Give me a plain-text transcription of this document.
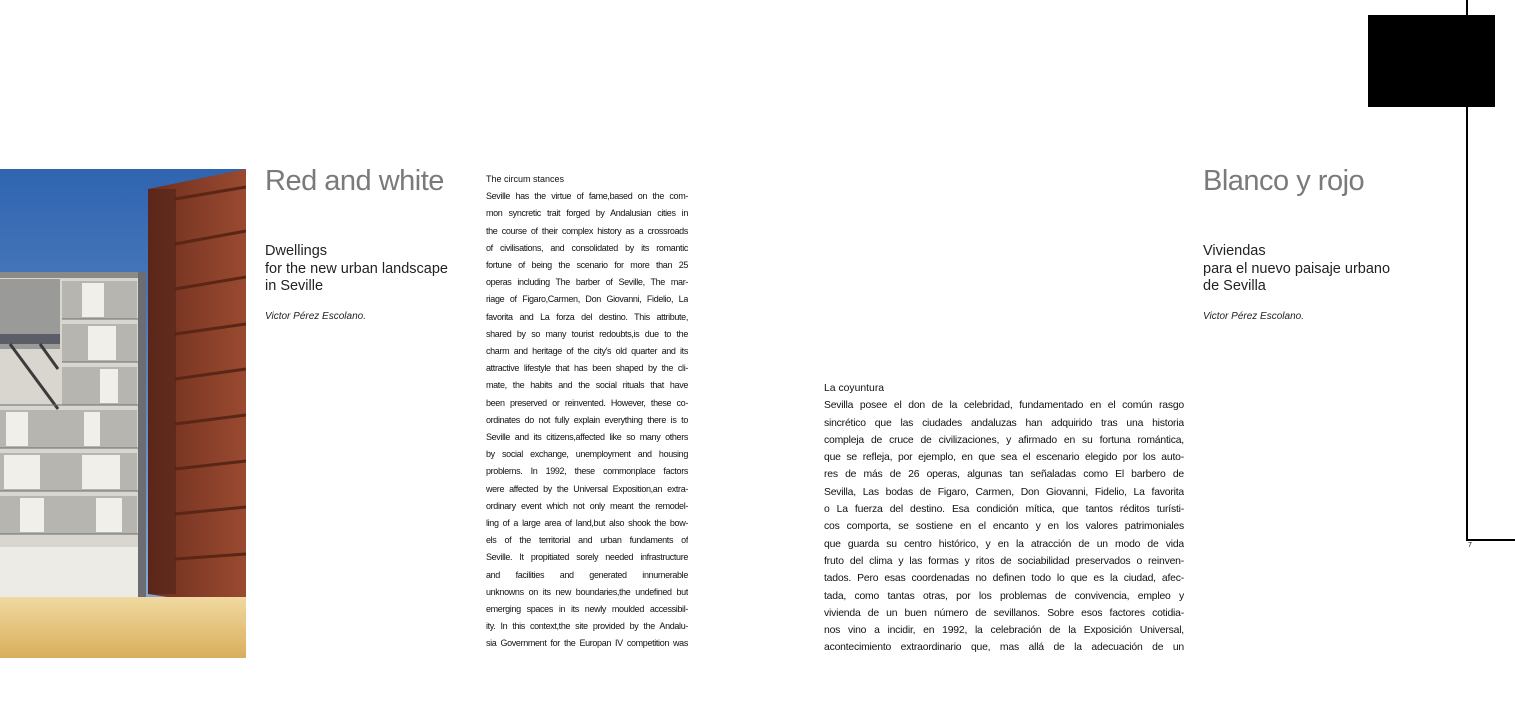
Red and white
Dwellings
for the new urban landscape
in Seville
Victor Pérez Escolano.
The circum stances
Seville has the virtue of fame,based on the com-
mon syncretic trait forged by Andalusian cities in
the course of their complex history as a crossroads
of civilisations, and consolidated by its romantic
fortune of being the scenario for more than 25
operas including The barber of Seville, The mar-
riage of Figaro,Carmen, Don Giovanni, Fidelio, La
favorita and La forza del destino. This attribute,
shared by so many tourist redoubts,is due to the
charm and heritage of the city's old quarter and its
attractive lifestyle that has been shaped by the cli-
mate, the habits and the social rituals that have
been preserved or reinvented. However, these co-
ordinates do not fully explain everything there is to
Seville and its citizens,affected like so many others
by social exchange, unemployment and housing
problems. In 1992, these commonplace factors
were affected by the Universal Exposition,an extra-
ordinary event which not only meant the remodel-
ling of a large area of land,but also shook the bow-
els of the territorial and urban fundaments of
Seville. It propitiated sorely needed infrastructure
and facilities and generated innumerable
unknowns on its new boundaries,the undefined but
emerging spaces in its newly moulded accessibil-
ity. In this context,the site provided by the Andalu-
sia Government for the Europan IV competition was
La coyuntura
Sevilla posee el don de la celebridad, fundamentado en el común rasgo
sincrético que las ciudades andaluzas han adquirido tras una historia
compleja de cruce de civilizaciones, y afirmado en su fortuna romántica,
que se refleja, por ejemplo, en que sea el escenario elegido por los auto-
res de más de 26 operas, algunas tan señaladas como El barbero de
Sevilla, Las bodas de Figaro, Carmen, Don Giovanni, Fidelio, La favorita
o La fuerza del destino. Esa condición mítica, que tantos réditos turísti-
cos comporta, se sostiene en el encanto y en los valores patrimoniales
que guarda su centro histórico, y en la atracción de un modo de vida
fruto del clima y las formas y ritos de sociabilidad preservados o reinven-
tados. Pero esas coordenadas no definen todo lo que es la ciudad, afec-
tada, como tantas otras, por los problemas de convivencia, empleo y
vivienda de un buen número de sevillanos. Sobre esos factores cotidia-
nos vino a incidir, en 1992, la celebración de la Exposición Universal,
acontecimiento extraordinario que, mas allá de la adecuación de un
Blanco y rojo
Viviendas
para el nuevo paisaje urbano
de Sevilla
Victor Pérez Escolano.
7
